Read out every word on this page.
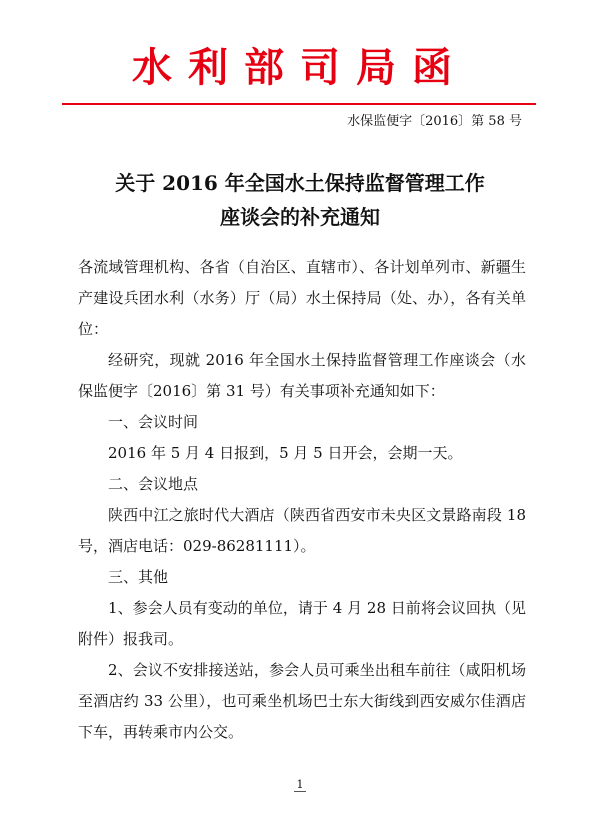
水利部司局函
水保监便字〔2016〕第 58 号
关于 2016 年全国水土保持监督管理工作
座谈会的补充通知

各流域管理机构、各省（自治区、直辖市）、各计划单列市、新疆生产建设兵团水利（水务）厅（局）水土保持局（处、办），各有关单位：

经研究，现就 2016 年全国水土保持监督管理工作座谈会（水保监便字〔2016〕第 31 号）有关事项补充通知如下：

一、会议时间

2016 年 5 月 4 日报到，5 月 5 日开会，会期一天。

二、会议地点

陕西中江之旅时代大酒店（陕西省西安市未央区文景路南段 18 号，酒店电话：029-86281111）。

三、其他

1、参会人员有变动的单位，请于 4 月 28 日前将会议回执（见附件）报我司。

2、会议不安排接送站，参会人员可乘坐出租车前往（咸阳机场至酒店约 33 公里），也可乘坐机场巴士东大街线到西安威尔佳酒店下车，再转乘市内公交。

1
